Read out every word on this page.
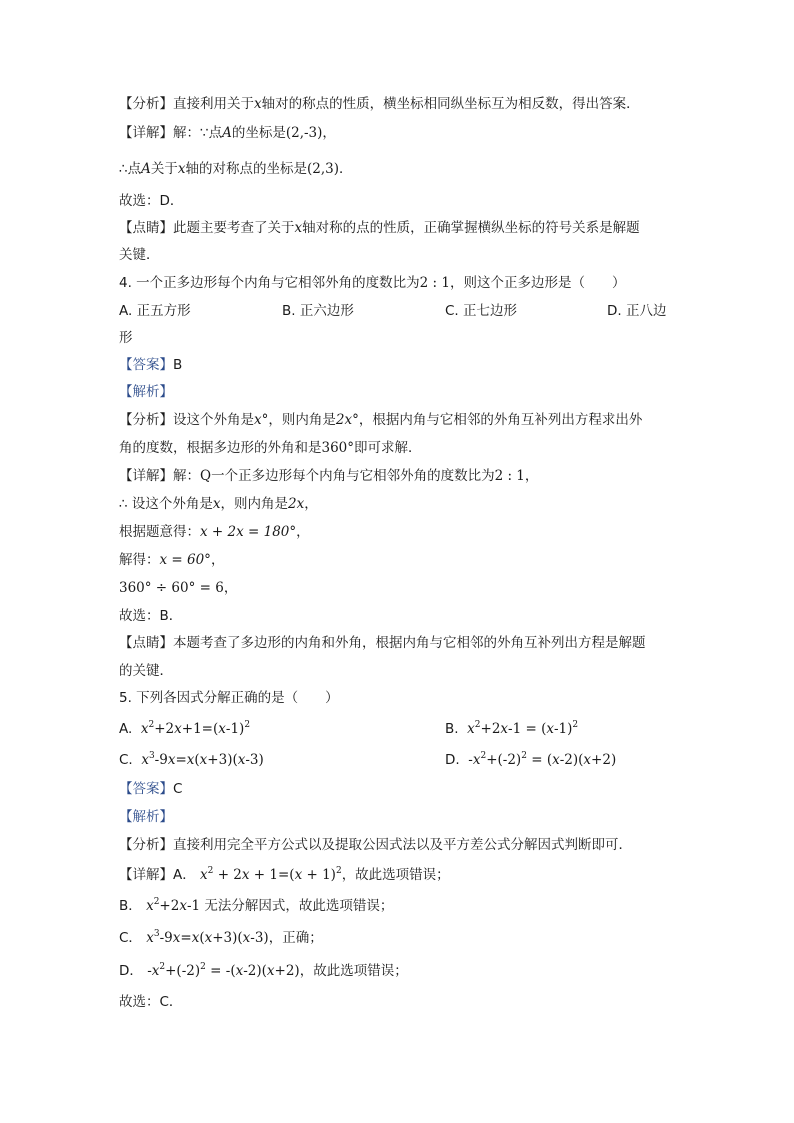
【分析】直接利用关于x轴对的称点的性质，横坐标相同纵坐标互为相反数，得出答案．
【详解】解：∵点A的坐标是(2,-3)，
∴点A关于x轴的对称点的坐标是(2,3)．
故选：D．
【点睛】此题主要考查了关于x轴对称的点的性质，正确掌握横纵坐标的符号关系是解题
关键．
4. 一个正多边形每个内角与它相邻外角的度数比为2 : 1，则这个正多边形是（　　）
A. 正五方形	B. 正六边形	C. 正七边形	D. 正八边
形
【答案】B
【解析】
【分析】设这个外角是x°，则内角是2x°，根据内角与它相邻的外角互补列出方程求出外
角的度数，根据多边形的外角和是360°即可求解．
【详解】解：Q一个正多边形每个内角与它相邻外角的度数比为2 : 1，
∴ 设这个外角是x，则内角是2x，
根据题意得：x + 2x = 180°，
解得：x = 60°，
360° ÷ 60° = 6，
故选：B．
【点睛】本题考查了多边形的内角和外角，根据内角与它相邻的外角互补列出方程是解题
的关键．
5. 下列各因式分解正确的是（　　）
A. $x^2+2x+1=(x-1)^2$	B. $x^2+2x-1 = (x-1)^2$
C. $x^3-9x=x(x+3)(x-3)$	D. $-x^2+(-2)^2 = (x-2)(x+2)$
【答案】C
【解析】
【分析】直接利用完全平方公式以及提取公因式法以及平方差公式分解因式判断即可．
【详解】A． $x^2 + 2x + 1=(x + 1)^2$，故此选项错误；
B． $x^2+2x-1$ 无法分解因式，故此选项错误；
C． $x^3-9x=x(x+3)(x-3)$，正确；
D． $-x^2+(-2)^2 = -(x-2)(x+2)$，故此选项错误；
故选：C．
